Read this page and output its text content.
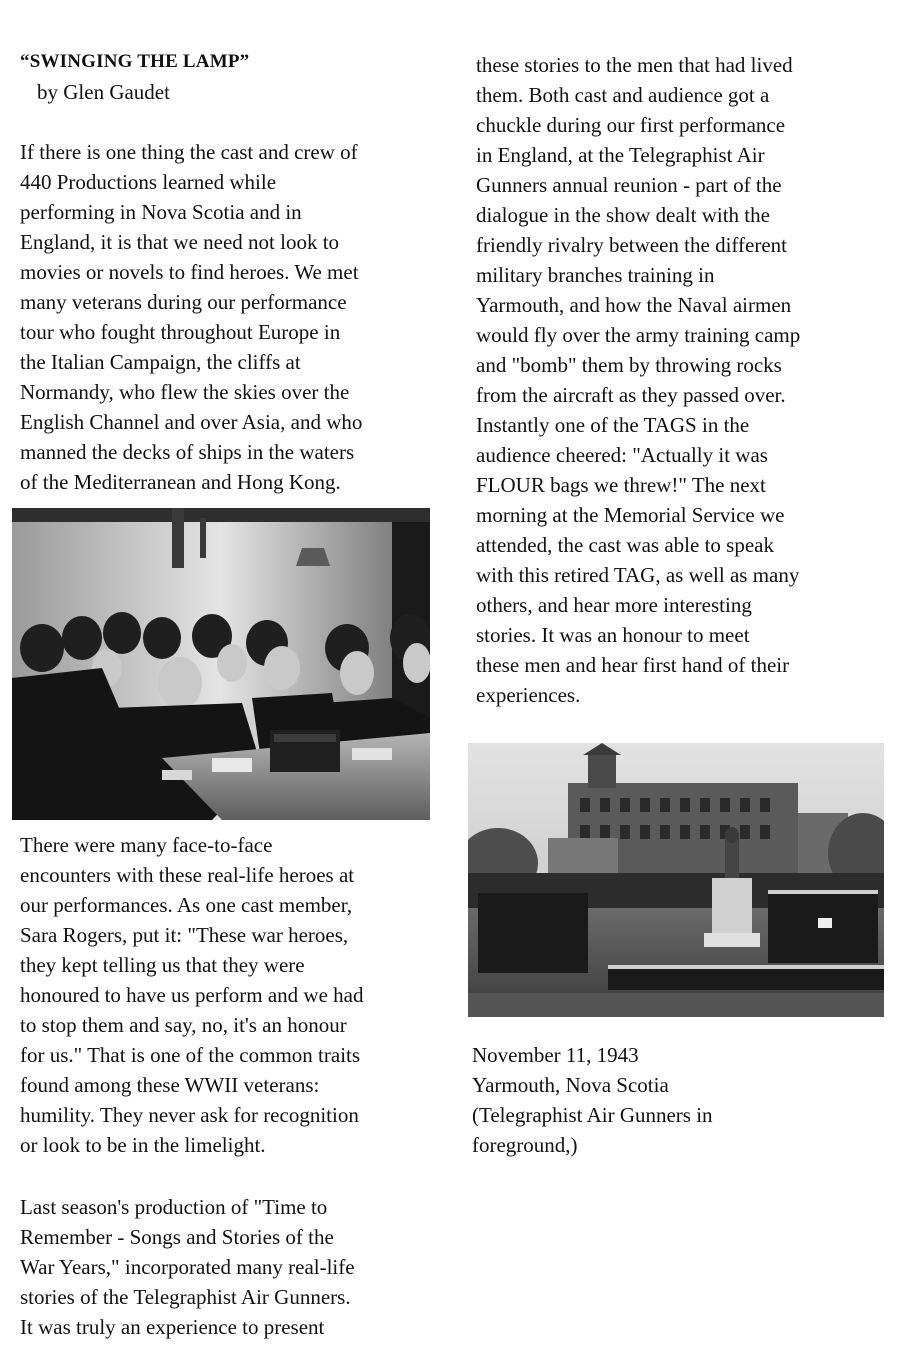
“SWINGING THE LAMP”
by Glen Gaudet
If there is one thing the cast and crew of
440 Productions learned while
performing in Nova Scotia and in
England, it is that we need not look to
movies or novels to find heroes. We met
many veterans during our performance
tour who fought throughout Europe in
the Italian Campaign, the cliffs at
Normandy, who flew the skies over the
English Channel and over Asia, and who
manned the decks of ships in the waters
of the Mediterranean and Hong Kong.
There were many face-to-face
encounters with these real-life heroes at
our performances. As one cast member,
Sara Rogers, put it: "These war heroes,
they kept telling us that they were
honoured to have us perform and we had
to stop them and say, no, it's an honour
for us." That is one of the common traits
found among these WWII veterans:
humility. They never ask for recognition
or look to be in the limelight.
Last season's production of "Time to
Remember - Songs and Stories of the
War Years," incorporated many real-life
stories of the Telegraphist Air Gunners.
It was truly an experience to present
these stories to the men that had lived
them. Both cast and audience got a
chuckle during our first performance
in England, at the Telegraphist Air
Gunners annual reunion - part of the
dialogue in the show dealt with the
friendly rivalry between the different
military branches training in
Yarmouth, and how the Naval airmen
would fly over the army training camp
and "bomb" them by throwing rocks
from the aircraft as they passed over.
Instantly one of the TAGS in the
audience cheered: "Actually it was
FLOUR bags we threw!" The next
morning at the Memorial Service we
attended, the cast was able to speak
with this retired TAG, as well as many
others, and hear more interesting
stories. It was an honour to meet
these men and hear first hand of their
experiences.
November 11, 1943
Yarmouth, Nova Scotia
(Telegraphist Air Gunners in
foreground,)
